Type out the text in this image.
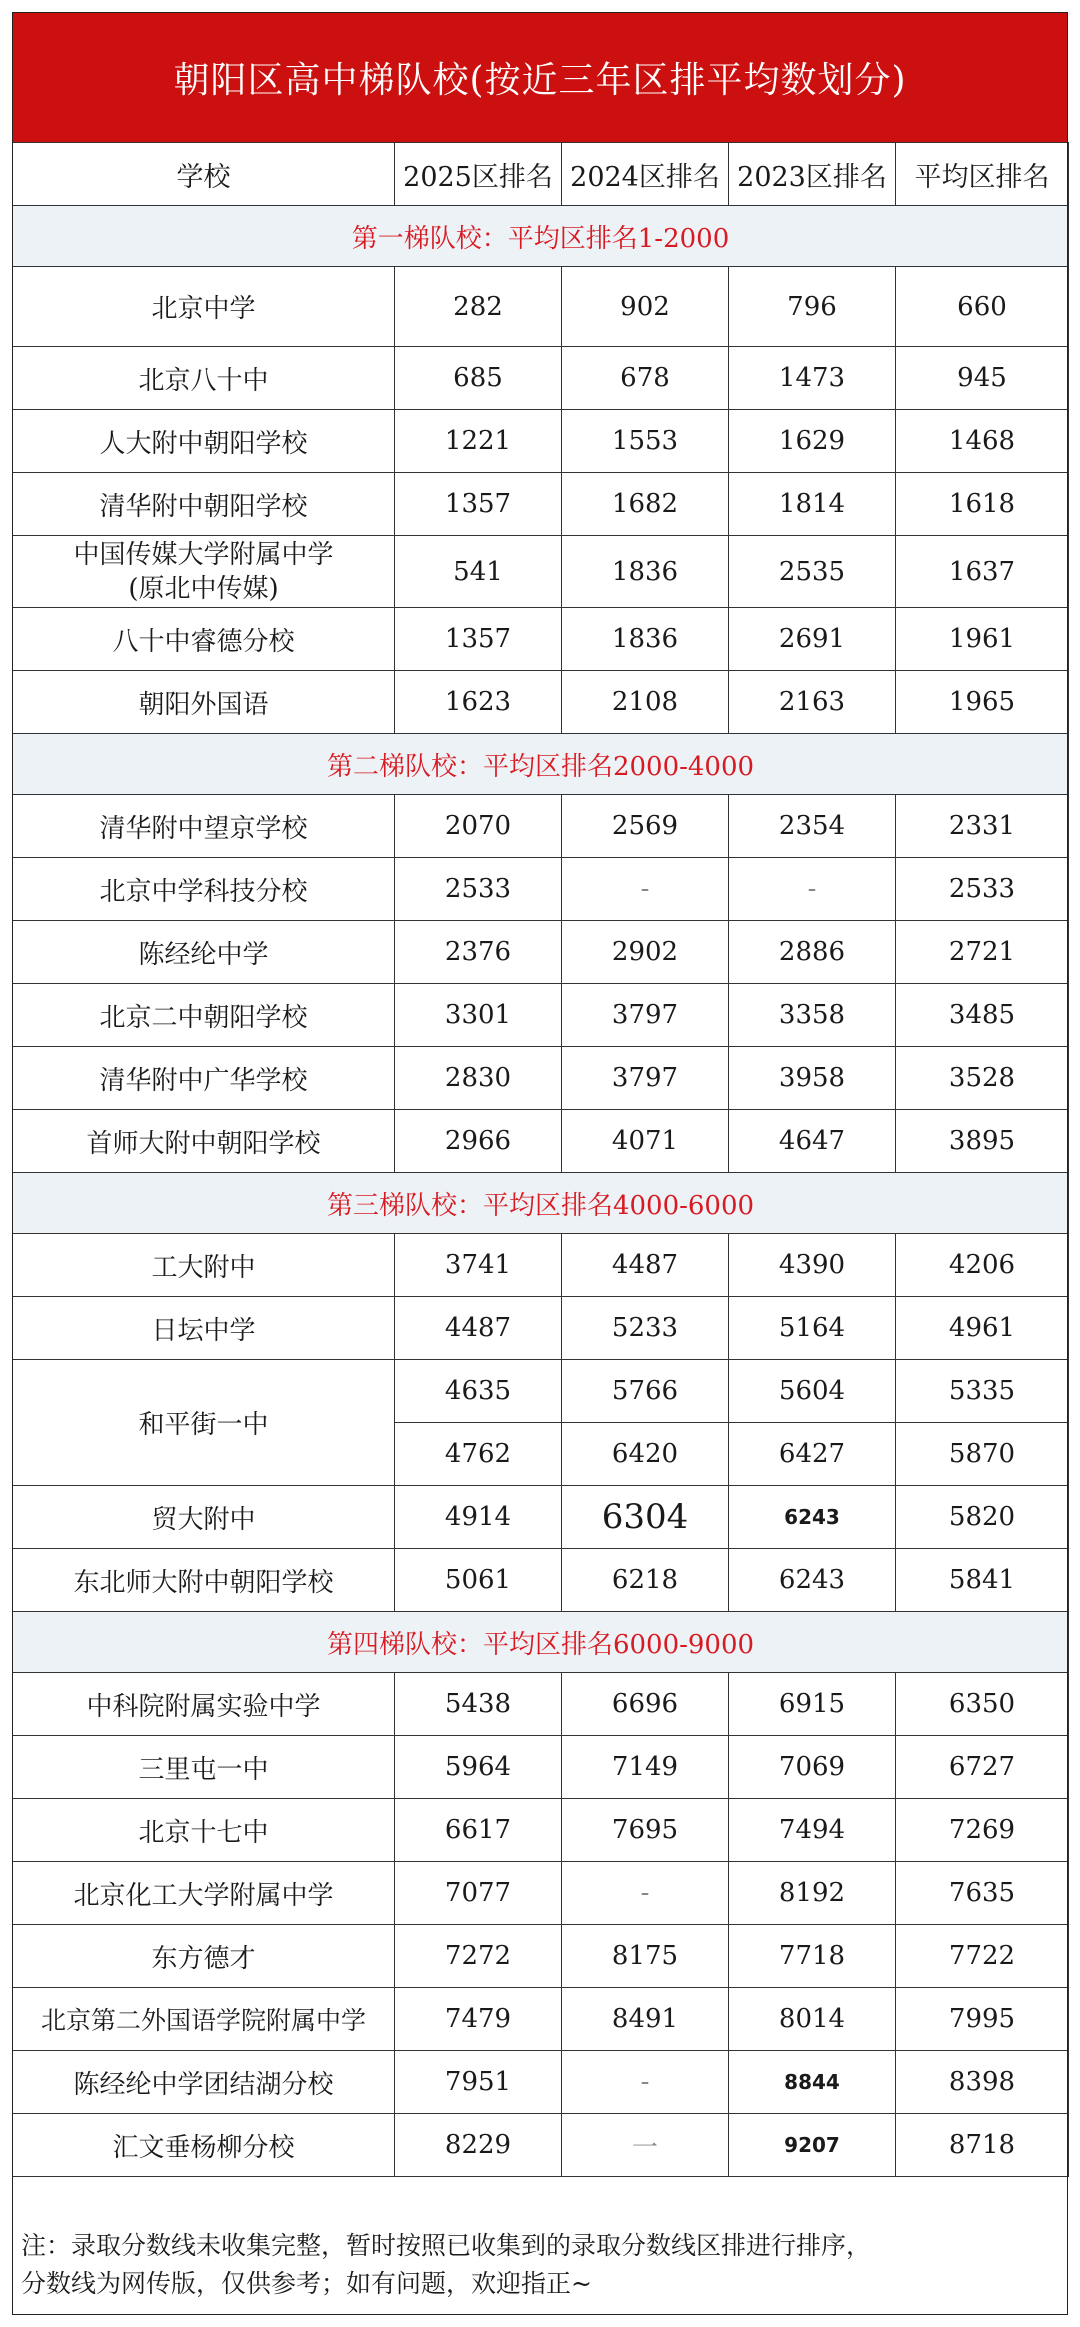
朝阳区高中梯队校(按近三年区排平均数划分)
学校	2025区排名	2024区排名	2023区排名	平均区排名
第一梯队校：平均区排名1-2000				
北京中学	282	902	796	660
北京八十中	685	678	1473	945
人大附中朝阳学校	1221	1553	1629	1468
清华附中朝阳学校	1357	1682	1814	1618

中国传媒大学附属中学
(原北中传媒)	541	1836	2535	1637
八十中睿德分校	1357	1836	2691	1961
朝阳外国语	1623	2108	2163	1965
第二梯队校：平均区排名2000-4000				
清华附中望京学校	2070	2569	2354	2331
北京中学科技分校	2533	-	-	2533
陈经纶中学	2376	2902	2886	2721
北京二中朝阳学校	3301	3797	3358	3485
清华附中广华学校	2830	3797	3958	3528
首师大附中朝阳学校	2966	4071	4647	3895
第三梯队校：平均区排名4000-6000				
工大附中	3741	4487	4390	4206
日坛中学	4487	5233	5164	4961
和平街一中	4635	5766	5604	5335
	4762	6420	6427	5870
贸大附中	4914	6304	6243	5820
东北师大附中朝阳学校	5061	6218	6243	5841
第四梯队校：平均区排名6000-9000				
中科院附属实验中学	5438	6696	6915	6350
三里屯一中	5964	7149	7069	6727
北京十七中	6617	7695	7494	7269
北京化工大学附属中学	7077	-	8192	7635
东方德才	7272	8175	7718	7722
北京第二外国语学院附属中学	7479	8491	8014	7995
陈经纶中学团结湖分校	7951	-	8844	8398
汇文垂杨柳分校	8229	一	9207	8718
注：录取分数线未收集完整，暂时按照已收集到的录取分数线区排进行排序，
分数线为网传版，仅供参考；如有问题，欢迎指正~
